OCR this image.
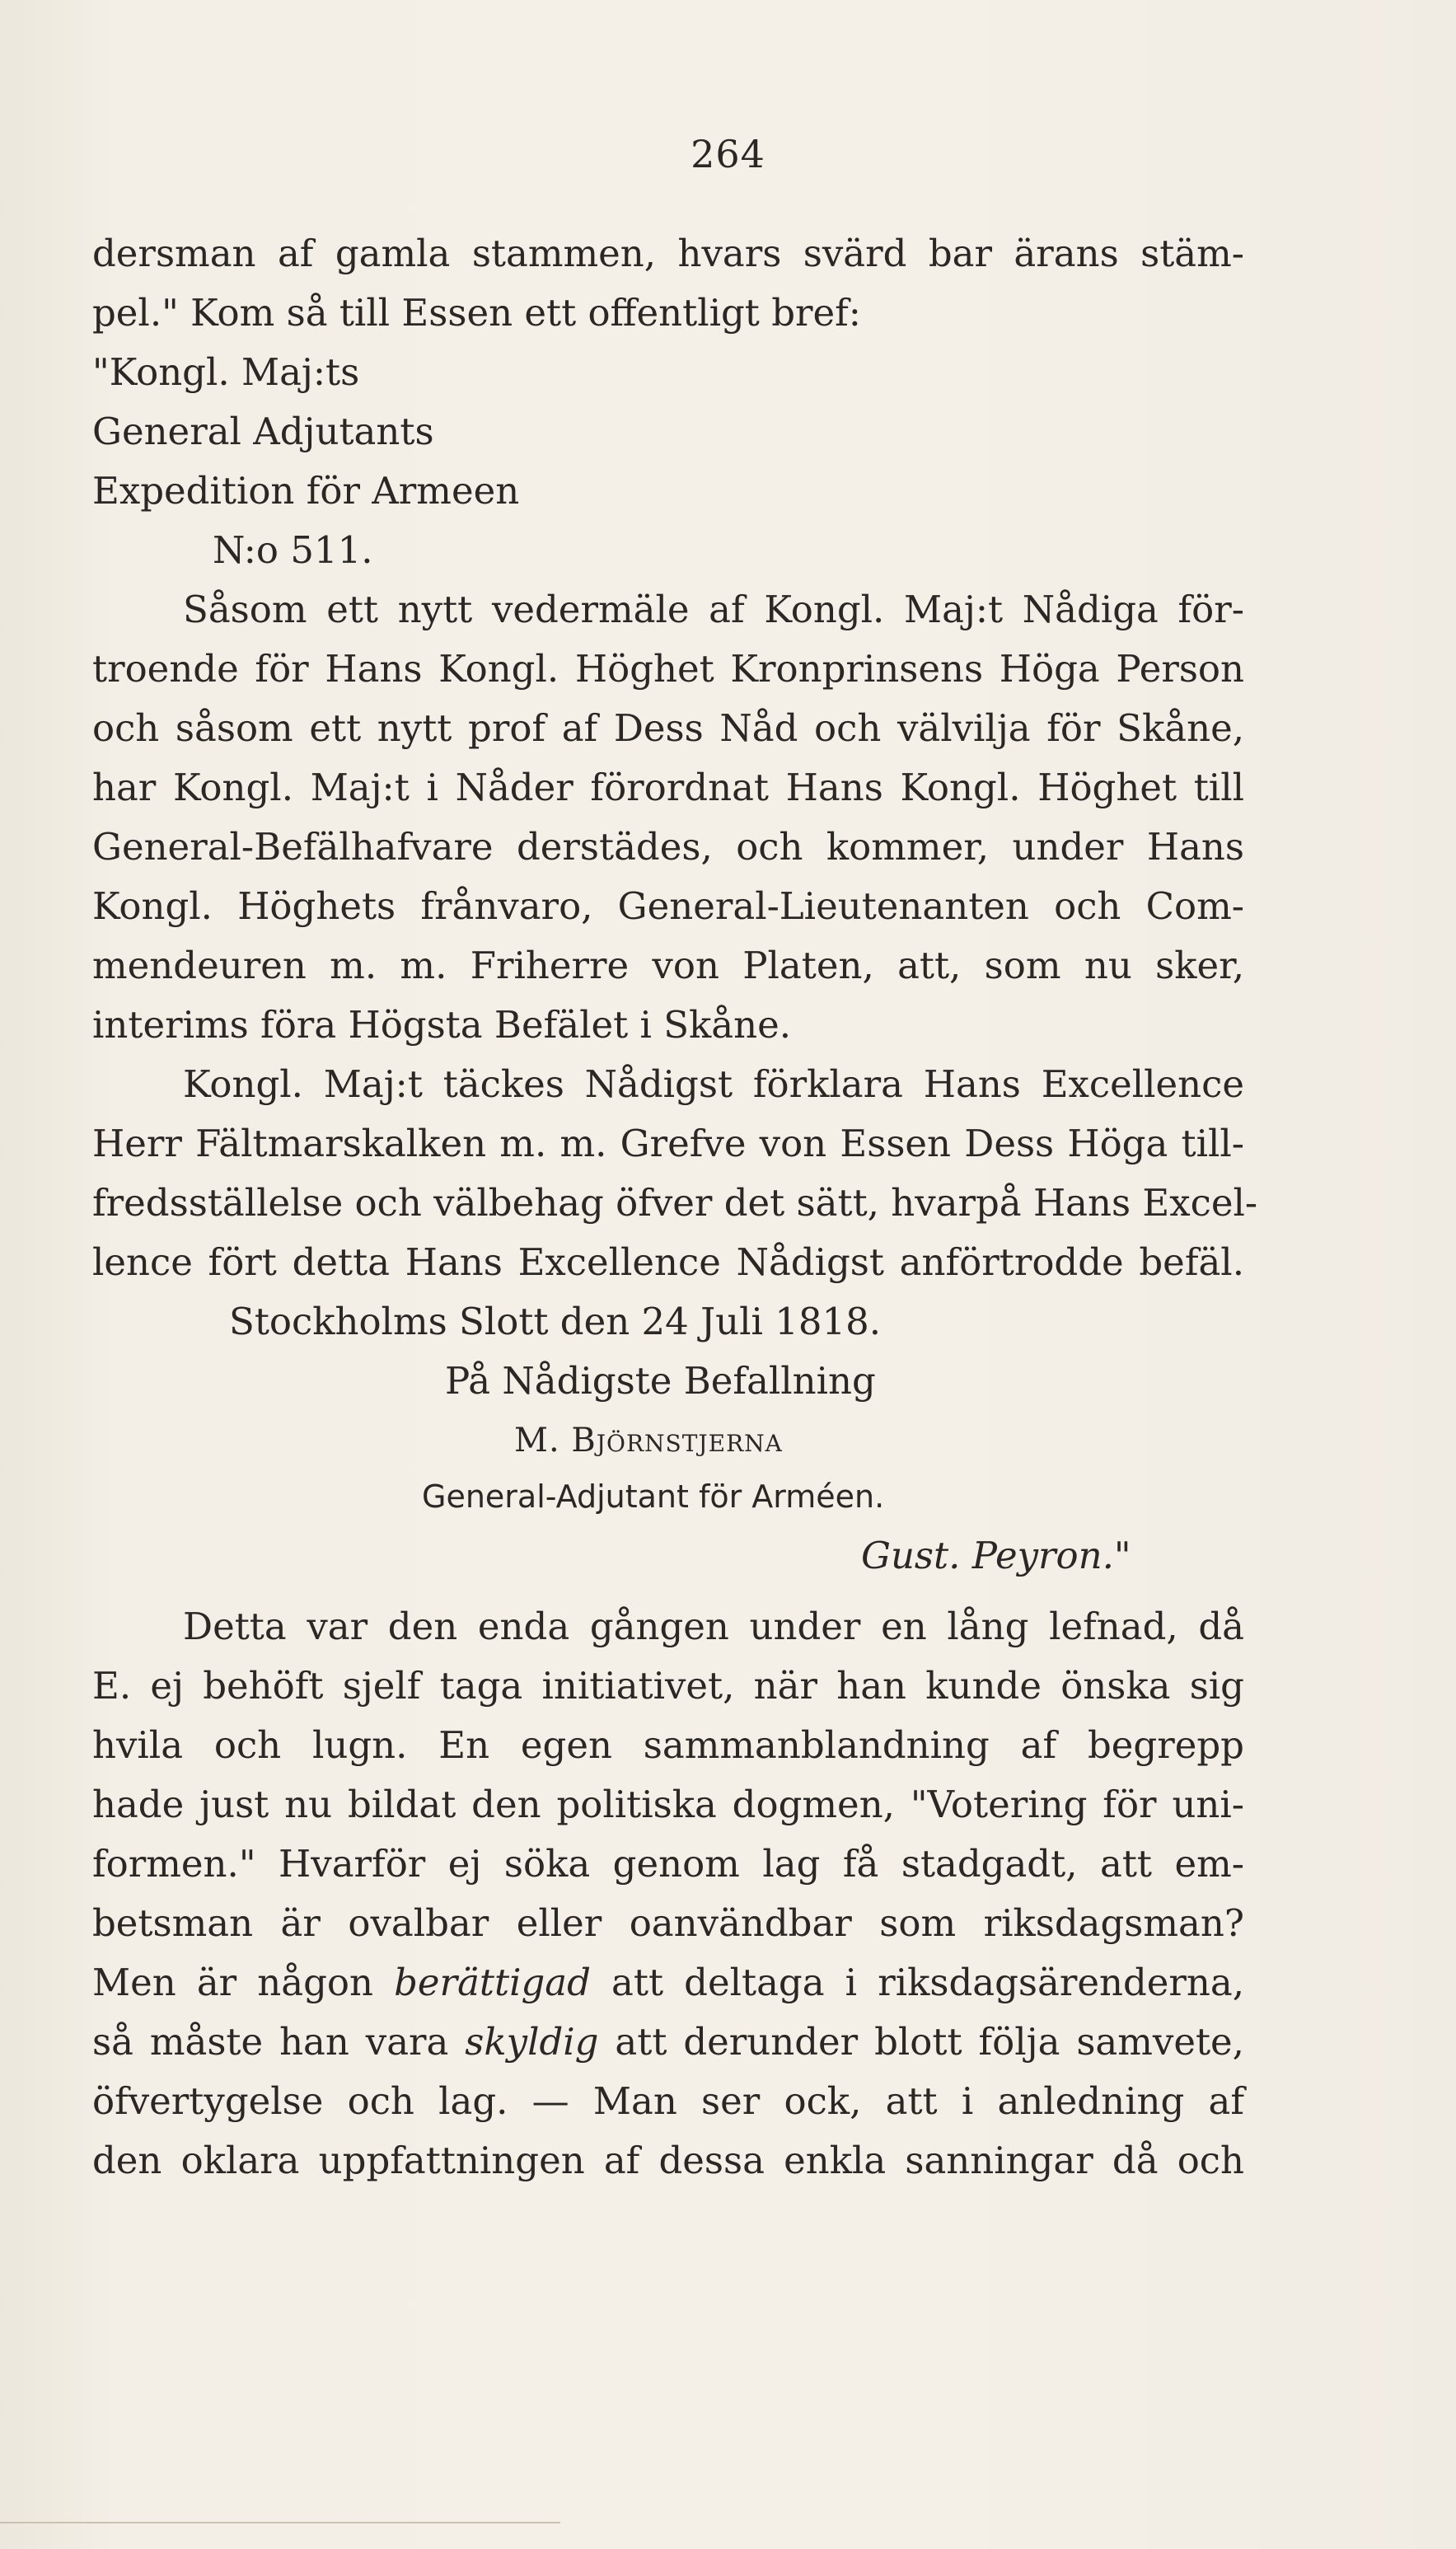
264
dersman af gamla stammen, hvars svärd bar ärans stäm-
pel." Kom så till Essen ett offentligt bref:
"Kongl. Maj:ts
General Adjutants
Expedition för Armeen
N:o 511.
Såsom ett nytt vedermäle af Kongl. Maj:t Nådiga för-
troende för Hans Kongl. Höghet Kronprinsens Höga Person
och såsom ett nytt prof af Dess Nåd och välvilja för Skåne,
har Kongl. Maj:t i Nåder förordnat Hans Kongl. Höghet till
General-Befälhafvare derstädes, och kommer, under Hans
Kongl. Höghets frånvaro, General-Lieutenanten och Com-
mendeuren m. m. Friherre von Platen, att, som nu sker,
interims föra Högsta Befälet i Skåne.
Kongl. Maj:t täckes Nådigst förklara Hans Excellence
Herr Fältmarskalken m. m. Grefve von Essen Dess Höga till-
fredsställelse och välbehag öfver det sätt, hvarpå Hans Excel-
lence fört detta Hans Excellence Nådigst anförtrodde befäl.
Stockholms Slott den 24 Juli 1818.
På Nådigste Befallning
M. Björnstjerna
General-Adjutant för Arméen.
Gust. Peyron."
Detta var den enda gången under en lång lefnad, då
E. ej behöft sjelf taga initiativet, när han kunde önska sig
hvila och lugn. En egen sammanblandning af begrepp
hade just nu bildat den politiska dogmen, "Votering för uni-
formen." Hvarför ej söka genom lag få stadgadt, att em-
betsman är ovalbar eller oanvändbar som riksdagsman?
Men är någon berättigad att deltaga i riksdagsärenderna,
så måste han vara skyldig att derunder blott följa samvete,
öfvertygelse och lag. — Man ser ock, att i anledning af
den oklara uppfattningen af dessa enkla sanningar då och
